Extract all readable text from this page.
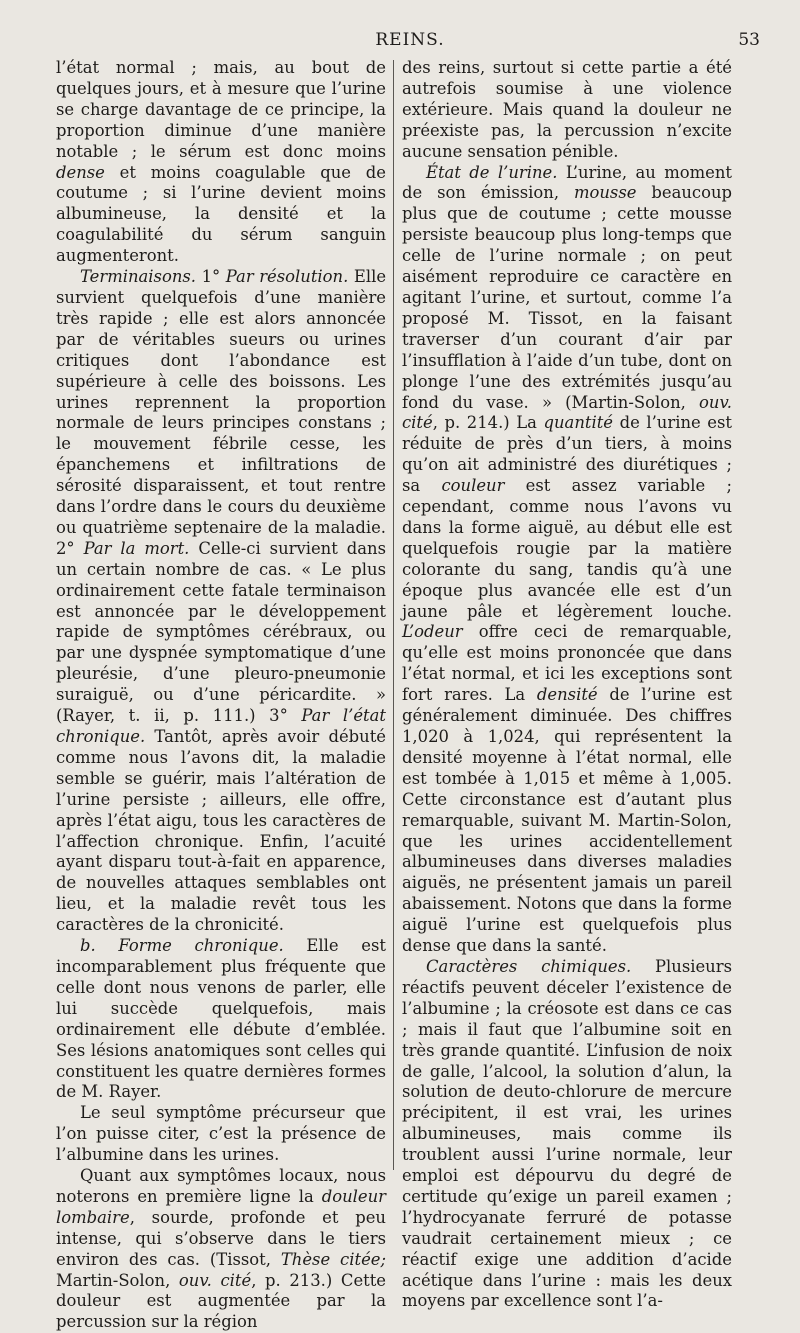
REINS.	53

l’état normal ; mais, au bout de quelques jours, et à mesure que l’urine se charge davantage de ce principe, la proportion diminue d’une manière notable ; le sérum est donc moins dense et moins coagulable que de coutume ; si l’urine devient moins albumineuse, la densité et la coagulabilité du sérum sanguin augmenteront.

Terminaisons. 1° Par résolution. Elle survient quelquefois d’une manière très rapide ; elle est alors annoncée par de véritables sueurs ou urines critiques dont l’abondance est supérieure à celle des boissons. Les urines reprennent la proportion normale de leurs principes constans ; le mouvement fébrile cesse, les épanchemens et infiltrations de sérosité disparaissent, et tout rentre dans l’ordre dans le cours du deuxième ou quatrième septenaire de la maladie. 2° Par la mort. Celle-ci survient dans un certain nombre de cas. « Le plus ordinairement cette fatale terminaison est annoncée par le développement rapide de symptômes cérébraux, ou par une dyspnée symptomatique d’une pleurésie, d’une pleuro-pneumonie suraiguë, ou d’une péricardite. » (Rayer, t. ii, p. 111.) 3° Par l’état chronique. Tantôt, après avoir débuté comme nous l’avons dit, la maladie semble se guérir, mais l’altération de l’urine persiste ; ailleurs, elle offre, après l’état aigu, tous les caractères de l’affection chronique. Enfin, l’acuité ayant disparu tout-à-fait en apparence, de nouvelles attaques semblables ont lieu, et la maladie revêt tous les caractères de la chronicité.

b. Forme chronique. Elle est incomparablement plus fréquente que celle dont nous venons de parler, elle lui succède quelquefois, mais ordinairement elle débute d’emblée. Ses lésions anatomiques sont celles qui constituent les quatre dernières formes de M. Rayer.

Le seul symptôme précurseur que l’on puisse citer, c’est la présence de l’albumine dans les urines.

Quant aux symptômes locaux, nous noterons en première ligne la douleur lombaire, sourde, profonde et peu intense, qui s’observe dans le tiers environ des cas. (Tissot, Thèse citée; Martin-Solon, ouv. cité, p. 213.) Cette douleur est augmentée par la percussion sur la région

des reins, surtout si cette partie a été autrefois soumise à une violence extérieure. Mais quand la douleur ne préexiste pas, la percussion n’excite aucune sensation pénible.

État de l’urine. L’urine, au moment de son émission, mousse beaucoup plus que de coutume ; cette mousse persiste beaucoup plus long-temps que celle de l’urine normale ; on peut aisément reproduire ce caractère en agitant l’urine, et surtout, comme l’a proposé M. Tissot, en la faisant traverser d’un courant d’air par l’insufflation à l’aide d’un tube, dont on plonge l’une des extrémités jusqu’au fond du vase. » (Martin-Solon, ouv. cité, p. 214.) La quantité de l’urine est réduite de près d’un tiers, à moins qu’on ait administré des diurétiques ; sa couleur est assez variable ; cependant, comme nous l’avons vu dans la forme aiguë, au début elle est quelquefois rougie par la matière colorante du sang, tandis qu’à une époque plus avancée elle est d’un jaune pâle et légèrement louche. L’odeur offre ceci de remarquable, qu’elle est moins prononcée que dans l’état normal, et ici les exceptions sont fort rares. La densité de l’urine est généralement diminuée. Des chiffres 1,020 à 1,024, qui représentent la densité moyenne à l’état normal, elle est tombée à 1,015 et même à 1,005. Cette circonstance est d’autant plus remarquable, suivant M. Martin-Solon, que les urines accidentellement albumineuses dans diverses maladies aiguës, ne présentent jamais un pareil abaissement. Notons que dans la forme aiguë l’urine est quelquefois plus dense que dans la santé.

Caractères chimiques. Plusieurs réactifs peuvent déceler l’existence de l’albumine ; la créosote est dans ce cas ; mais il faut que l’albumine soit en très grande quantité. L’infusion de noix de galle, l’alcool, la solution d’alun, la solution de deuto-chlorure de mercure précipitent, il est vrai, les urines albumineuses, mais comme ils troublent aussi l’urine normale, leur emploi est dépourvu du degré de certitude qu’exige un pareil examen ; l’hydrocyanate ferruré de potasse vaudrait certainement mieux ; ce réactif exige une addition d’acide acétique dans l’urine : mais les deux moyens par excellence sont l’a-
